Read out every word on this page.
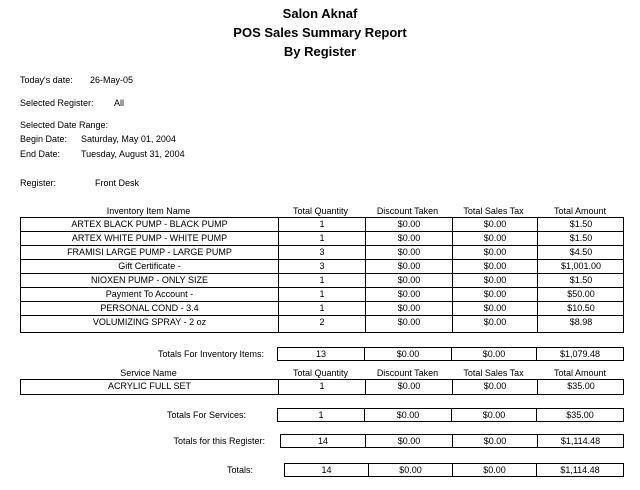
Salon Aknaf
POS Sales Summary Report
By Register
Today's date: 26-May-05
Selected Register: All
Selected Date Range:
Begin Date: Saturday, May 01, 2004
End Date: Tuesday, August 31, 2004
Register:	Front Desk
Inventory Item Name	Total Quantity	Discount Taken	Total Sales Tax	Total Amount
ARTEX BLACK PUMP - BLACK PUMP	1	$0.00	$0.00	$1.50
ARTEX WHITE PUMP - WHITE PUMP	1	$0.00	$0.00	$1.50
FRAMISI LARGE PUMP - LARGE PUMP	3	$0.00	$0.00	$4.50
Gift Certificate -	3	$0.00	$0.00	$1,001.00
NIOXEN PUMP - ONLY SIZE	1	$0.00	$0.00	$1.50
Payment To Account -	1	$0.00	$0.00	$50.00
PERSONAL COND - 3.4	1	$0.00	$0.00	$10.50
VOLUMIZING SPRAY - 2 oz	2	$0.00	$0.00	$8.98
Totals For Inventory Items:	13	$0.00	$0.00	$1,079.48
Service Name	Total Quantity	Discount Taken	Total Sales Tax	Total Amount
ACRYLIC FULL SET	1	$0.00	$0.00	$35.00
Totals For Services:	1	$0.00	$0.00	$35.00
Totals for this Register:	14	$0.00	$0.00	$1,114.48
Totals:	14	$0.00	$0.00	$1,114.48
